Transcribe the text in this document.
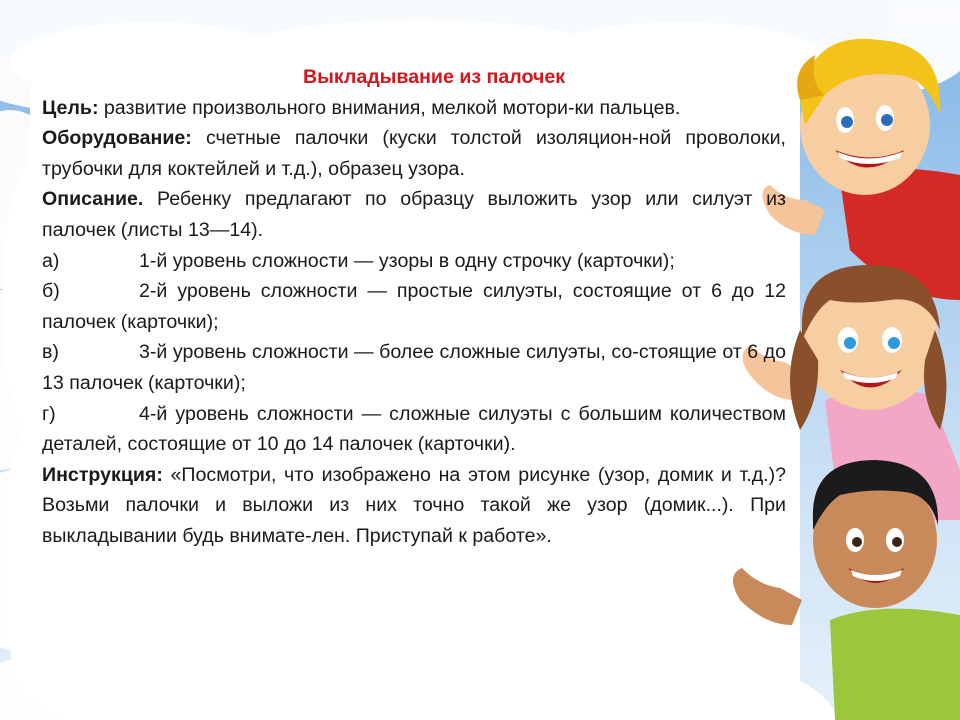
Выкладывание из палочек

Цель: развитие произвольного внимания, мелкой мотори-ки пальцев.

Оборудование: счетные палочки (куски толстой изоляцион-ной проволоки, трубочки для коктейлей и т.д.), образец узора.

Описание. Ребенку предлагают по образцу выложить узор или силуэт из палочек (листы 13—14).

а)	1-й уровень сложности — узоры в одну строчку (карточки);

б)	2-й уровень сложности — простые силуэты, состоящие от 6 до 12 палочек (карточки);

в)	3-й уровень сложности — более сложные силуэты, со-стоящие от 6 до 13 палочек (карточки);

г)	4-й уровень сложности — сложные силуэты с большим количеством деталей, состоящие от 10 до 14 палочек (карточки).

Инструкция: «Посмотри, что изображено на этом рисунке (узор, домик и т.д.)? Возьми палочки и выложи из них точно такой же узор (домик...). При выкладывании будь внимате-лен. Приступай к работе».
